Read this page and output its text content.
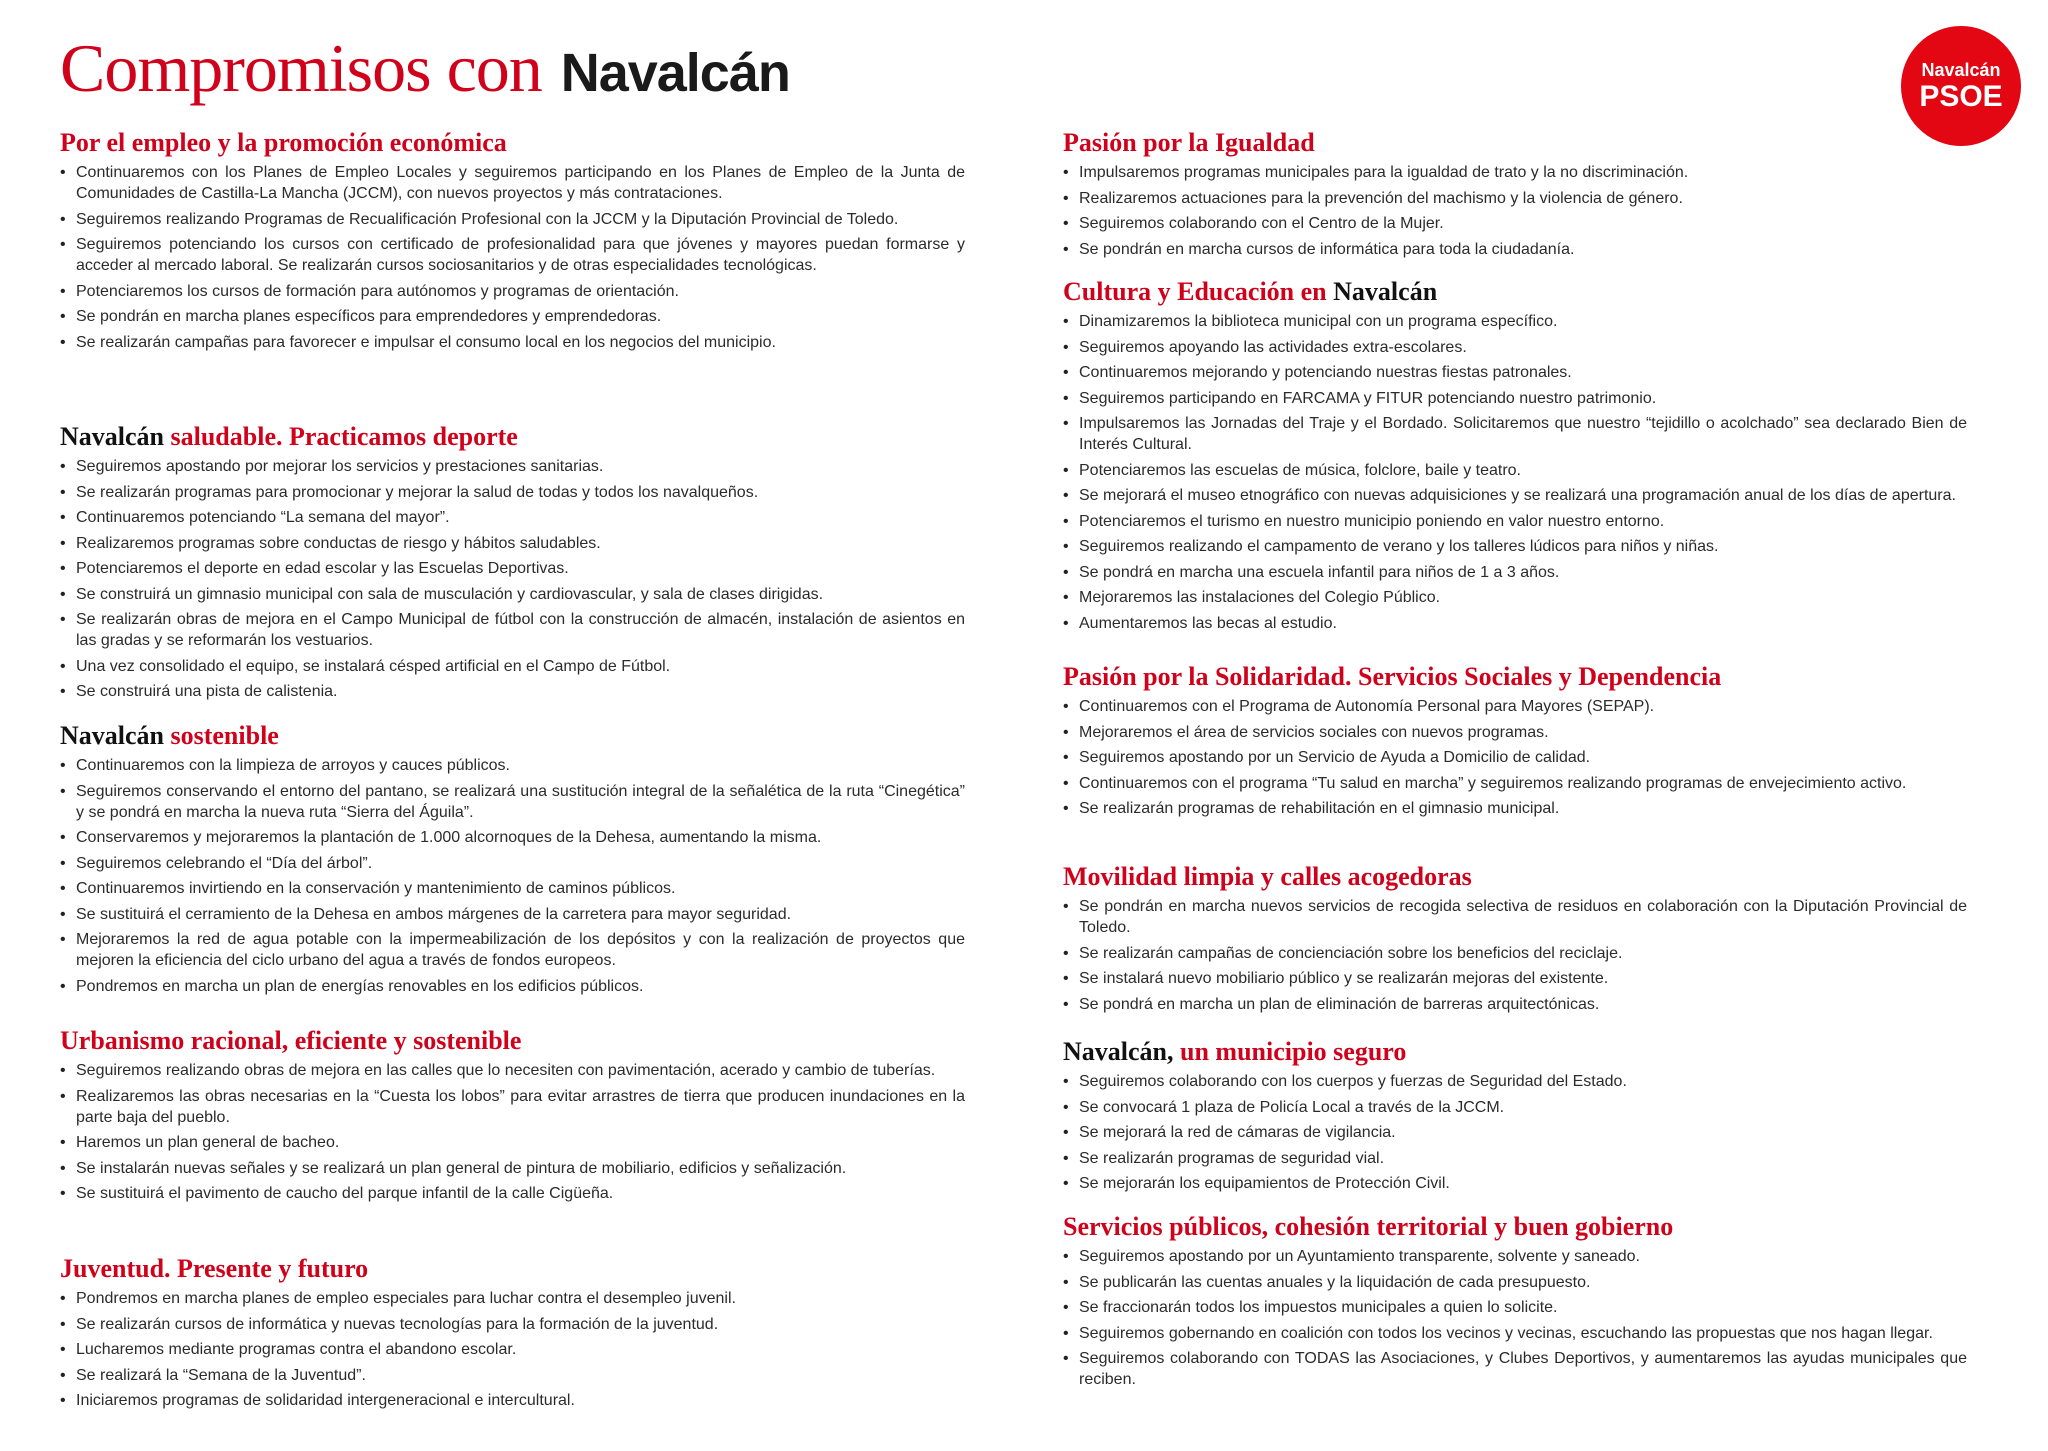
Compromisos con Navalcán	Navalcán
PSOE
Por el empleo y la promoción económica
• Continuaremos con los Planes de Empleo Locales y seguiremos participando en los Planes de Empleo de la Junta de Comunidades de Castilla-La Mancha (JCCM), con nuevos proyectos y más contrataciones.
• Seguiremos realizando Programas de Recualificación Profesional con la JCCM y la Diputación Provincial de Toledo.
• Seguiremos potenciando los cursos con certificado de profesionalidad para que jóvenes y mayores puedan formarse y acceder al mercado laboral. Se realizarán cursos sociosanitarios y de otras especialidades tecnológicas.
• Potenciaremos los cursos de formación para autónomos y programas de orientación.
• Se pondrán en marcha planes específicos para emprendedores y emprendedoras.
• Se realizarán campañas para favorecer e impulsar el consumo local en los negocios del municipio.
Navalcán saludable. Practicamos deporte
• Seguiremos apostando por mejorar los servicios y prestaciones sanitarias.
• Se realizarán programas para promocionar y mejorar la salud de todas y todos los navalqueños.
• Continuaremos potenciando “La semana del mayor”.
• Realizaremos programas sobre conductas de riesgo y hábitos saludables.
• Potenciaremos el deporte en edad escolar y las Escuelas Deportivas.
• Se construirá un gimnasio municipal con sala de musculación y cardiovascular, y sala de clases dirigidas.
• Se realizarán obras de mejora en el Campo Municipal de fútbol con la construcción de almacén, instalación de asientos en las gradas y se reformarán los vestuarios.
• Una vez consolidado el equipo, se instalará césped artificial en el Campo de Fútbol.
• Se construirá una pista de calistenia.
Navalcán sostenible
• Continuaremos con la limpieza de arroyos y cauces públicos.
• Seguiremos conservando el entorno del pantano, se realizará una sustitución integral de la señalética de la ruta “Cinegética” y se pondrá en marcha la nueva ruta “Sierra del Águila”.
• Conservaremos y mejoraremos la plantación de 1.000 alcornoques de la Dehesa, aumentando la misma.
• Seguiremos celebrando el “Día del árbol”.
• Continuaremos invirtiendo en la conservación y mantenimiento de caminos públicos.
• Se sustituirá el cerramiento de la Dehesa en ambos márgenes de la carretera para mayor seguridad.
• Mejoraremos la red de agua potable con la impermeabilización de los depósitos y con la realización de proyectos que mejoren la eficiencia del ciclo urbano del agua a través de fondos europeos.
• Pondremos en marcha un plan de energías renovables en los edificios públicos.
Urbanismo racional, eficiente y sostenible
• Seguiremos realizando obras de mejora en las calles que lo necesiten con pavimentación, acerado y cambio de tuberías.
• Realizaremos las obras necesarias en la “Cuesta los lobos” para evitar arrastres de tierra que producen inundaciones en la parte baja del pueblo.
• Haremos un plan general de bacheo.
• Se instalarán nuevas señales y se realizará un plan general de pintura de mobiliario, edificios y señalización.
• Se sustituirá el pavimento de caucho del parque infantil de la calle Cigüeña.
Juventud. Presente y futuro
• Pondremos en marcha planes de empleo especiales para luchar contra el desempleo juvenil.
• Se realizarán cursos de informática y nuevas tecnologías para la formación de la juventud.
• Lucharemos mediante programas contra el abandono escolar.
• Se realizará la “Semana de la Juventud”.
• Iniciaremos programas de solidaridad intergeneracional e intercultural.
Pasión por la Igualdad
• Impulsaremos programas municipales para la igualdad de trato y la no discriminación.
• Realizaremos actuaciones para la prevención del machismo y la violencia de género.
• Seguiremos colaborando con el Centro de la Mujer.
• Se pondrán en marcha cursos de informática para toda la ciudadanía.
Cultura y Educación en Navalcán
• Dinamizaremos la biblioteca municipal con un programa específico.
• Seguiremos apoyando las actividades extra-escolares.
• Continuaremos mejorando y potenciando nuestras fiestas patronales.
• Seguiremos participando en FARCAMA y FITUR potenciando nuestro patrimonio.
• Impulsaremos las Jornadas del Traje y el Bordado. Solicitaremos que nuestro “tejidillo o acolchado” sea declarado Bien de Interés Cultural.
• Potenciaremos las escuelas de música, folclore, baile y teatro.
• Se mejorará el museo etnográfico con nuevas adquisiciones y se realizará una programación anual de los días de apertura.
• Potenciaremos el turismo en nuestro municipio poniendo en valor nuestro entorno.
• Seguiremos realizando el campamento de verano y los talleres lúdicos para niños y niñas.
• Se pondrá en marcha una escuela infantil para niños de 1 a 3 años.
• Mejoraremos las instalaciones del Colegio Público.
• Aumentaremos las becas al estudio.
Pasión por la Solidaridad. Servicios Sociales y Dependencia
• Continuaremos con el Programa de Autonomía Personal para Mayores (SEPAP).
• Mejoraremos el área de servicios sociales con nuevos programas.
• Seguiremos apostando por un Servicio de Ayuda a Domicilio de calidad.
• Continuaremos con el programa “Tu salud en marcha” y seguiremos realizando programas de envejecimiento activo.
• Se realizarán programas de rehabilitación en el gimnasio municipal.
Movilidad limpia y calles acogedoras
• Se pondrán en marcha nuevos servicios de recogida selectiva de residuos en colaboración con la Diputación Provincial de Toledo.
• Se realizarán campañas de concienciación sobre los beneficios del reciclaje.
• Se instalará nuevo mobiliario público y se realizarán mejoras del existente.
• Se pondrá en marcha un plan de eliminación de barreras arquitectónicas.
Navalcán, un municipio seguro
• Seguiremos colaborando con los cuerpos y fuerzas de Seguridad del Estado.
• Se convocará 1 plaza de Policía Local a través de la JCCM.
• Se mejorará la red de cámaras de vigilancia.
• Se realizarán programas de seguridad vial.
• Se mejorarán los equipamientos de Protección Civil.
Servicios públicos, cohesión territorial y buen gobierno
• Seguiremos apostando por un Ayuntamiento transparente, solvente y saneado.
• Se publicarán las cuentas anuales y la liquidación de cada presupuesto.
• Se fraccionarán todos los impuestos municipales a quien lo solicite.
• Seguiremos gobernando en coalición con todos los vecinos y vecinas, escuchando las propuestas que nos hagan llegar.
• Seguiremos colaborando con TODAS las Asociaciones, y Clubes Deportivos, y aumentaremos las ayudas municipales que reciben.
